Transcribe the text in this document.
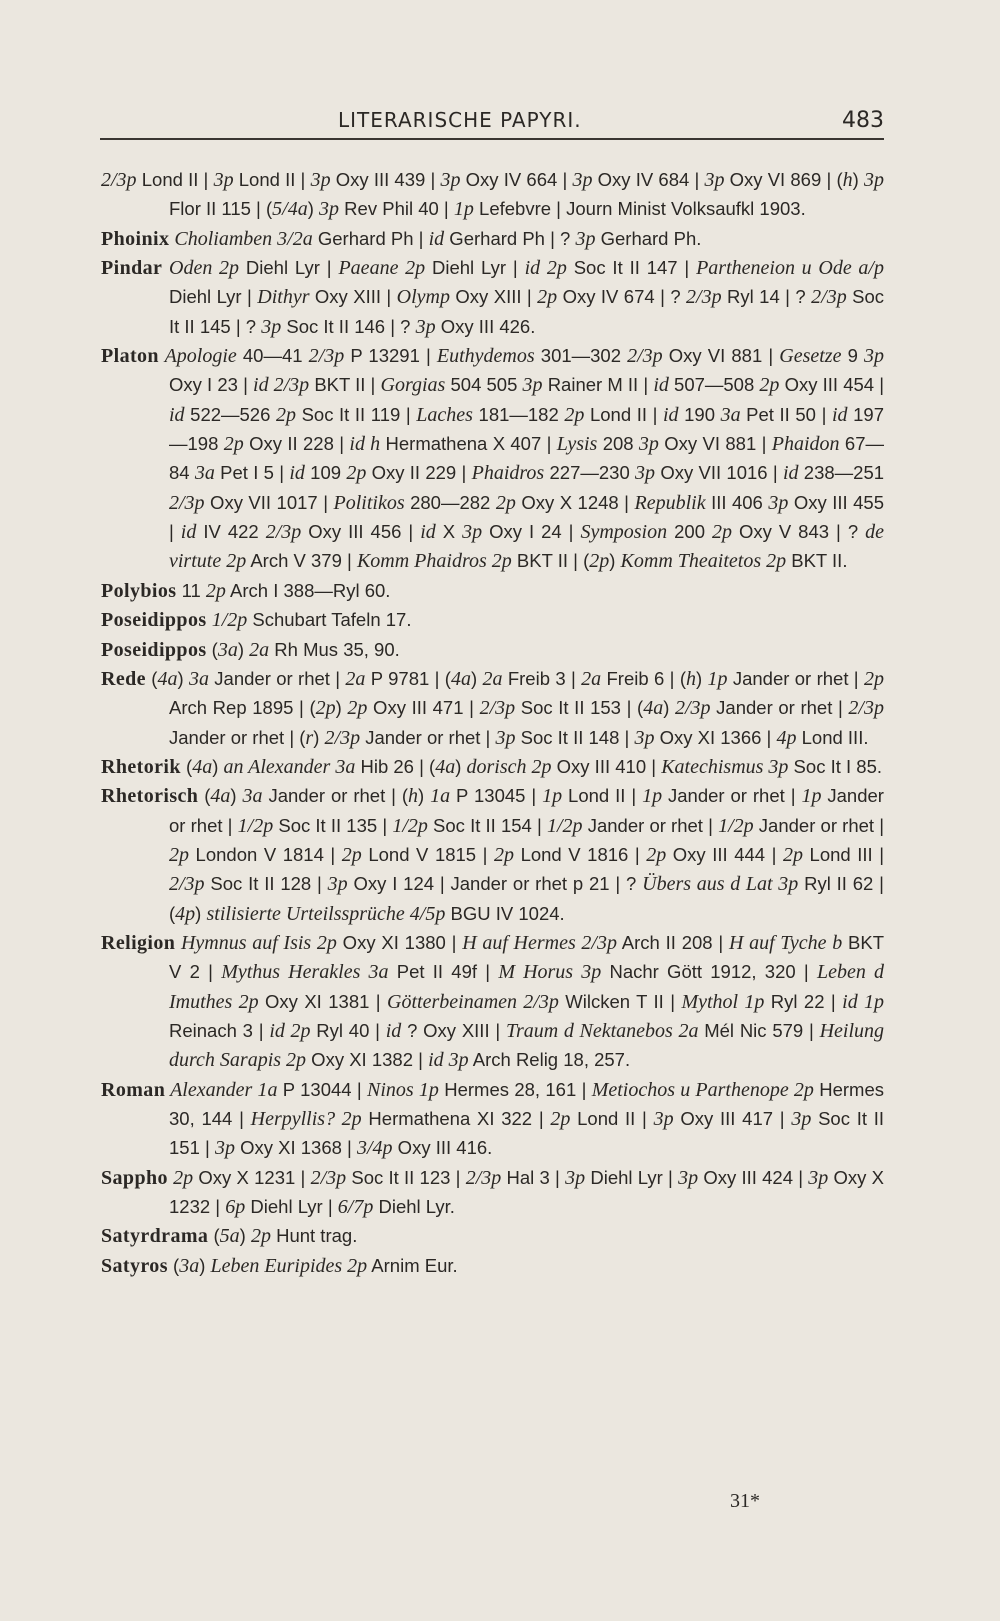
LITERARISCHE PAPYRI.	483

2/3p Lond II | 3p Lond II | 3p Oxy III 439 | 3p Oxy IV 664 | 3p Oxy IV 684 | 3p Oxy VI 869 | (h) 3p Flor II 115 | (5/4a) 3p Rev Phil 40 | 1p Lefebvre | Journ Minist Volksaufkl 1903.

Phoinix Choliamben 3/2a Gerhard Ph | id Gerhard Ph | ? 3p Gerhard Ph.

Pindar Oden 2p Diehl Lyr | Paeane 2p Diehl Lyr | id 2p Soc It II 147 | Partheneion u Ode a/p Diehl Lyr | Dithyr Oxy XIII | Olymp Oxy XIII | 2p Oxy IV 674 | ? 2/3p Ryl 14 | ? 2/3p Soc It II 145 | ? 3p Soc It II 146 | ? 3p Oxy III 426.

Platon Apologie 40—41 2/3p P 13291 | Euthydemos 301—302 2/3p Oxy VI 881 | Gesetze 9 3p Oxy I 23 | id 2/3p BKT II | Gorgias 504 505 3p Rainer M II | id 507—508 2p Oxy III 454 | id 522—526 2p Soc It II 119 | Laches 181—182 2p Lond II | id 190 3a Pet II 50 | id 197—198 2p Oxy II 228 | id h Hermathena X 407 | Lysis 208 3p Oxy VI 881 | Phaidon 67—84 3a Pet I 5 | id 109 2p Oxy II 229 | Phaidros 227—230 3p Oxy VII 1016 | id 238—251 2/3p Oxy VII 1017 | Politikos 280—282 2p Oxy X 1248 | Republik III 406 3p Oxy III 455 | id IV 422 2/3p Oxy III 456 | id X 3p Oxy I 24 | Symposion 200 2p Oxy V 843 | ? de virtute 2p Arch V 379 | Komm Phaidros 2p BKT II | (2p) Komm Theaitetos 2p BKT II.

Polybios 11 2p Arch I 388—Ryl 60.

Poseidippos 1/2p Schubart Tafeln 17.

Poseidippos (3a) 2a Rh Mus 35, 90.

Rede (4a) 3a Jander or rhet | 2a P 9781 | (4a) 2a Freib 3 | 2a Freib 6 | (h) 1p Jander or rhet | 2p Arch Rep 1895 | (2p) 2p Oxy III 471 | 2/3p Soc It II 153 | (4a) 2/3p Jander or rhet | 2/3p Jander or rhet | (r) 2/3p Jander or rhet | 3p Soc It II 148 | 3p Oxy XI 1366 | 4p Lond III.

Rhetorik (4a) an Alexander 3a Hib 26 | (4a) dorisch 2p Oxy III 410 | Katechismus 3p Soc It I 85.

Rhetorisch (4a) 3a Jander or rhet | (h) 1a P 13045 | 1p Lond II | 1p Jander or rhet | 1p Jander or rhet | 1/2p Soc It II 135 | 1/2p Soc It II 154 | 1/2p Jander or rhet | 1/2p Jander or rhet | 2p London V 1814 | 2p Lond V 1815 | 2p Lond V 1816 | 2p Oxy III 444 | 2p Lond III | 2/3p Soc It II 128 | 3p Oxy I 124 | Jander or rhet p 21 | ? Übers aus d Lat 3p Ryl II 62 | (4p) stilisierte Urteilssprüche 4/5p BGU IV 1024.

Religion Hymnus auf Isis 2p Oxy XI 1380 | H auf Hermes 2/3p Arch II 208 | H auf Tyche b BKT V 2 | Mythus Herakles 3a Pet II 49f | M Horus 3p Nachr Gött 1912, 320 | Leben d Imuthes 2p Oxy XI 1381 | Götterbeinamen 2/3p Wilcken T II | Mythol 1p Ryl 22 | id 1p Reinach 3 | id 2p Ryl 40 | id ? Oxy XIII | Traum d Nektanebos 2a Mél Nic 579 | Heilung durch Sarapis 2p Oxy XI 1382 | id 3p Arch Relig 18, 257.

Roman Alexander 1a P 13044 | Ninos 1p Hermes 28, 161 | Metiochos u Parthenope 2p Hermes 30, 144 | Herpyllis? 2p Hermathena XI 322 | 2p Lond II | 3p Oxy III 417 | 3p Soc It II 151 | 3p Oxy XI 1368 | 3/4p Oxy III 416.

Sappho 2p Oxy X 1231 | 2/3p Soc It II 123 | 2/3p Hal 3 | 3p Diehl Lyr | 3p Oxy III 424 | 3p Oxy X 1232 | 6p Diehl Lyr | 6/7p Diehl Lyr.

Satyrdrama (5a) 2p Hunt trag.

Satyros (3a) Leben Euripides 2p Arnim Eur.

31*
